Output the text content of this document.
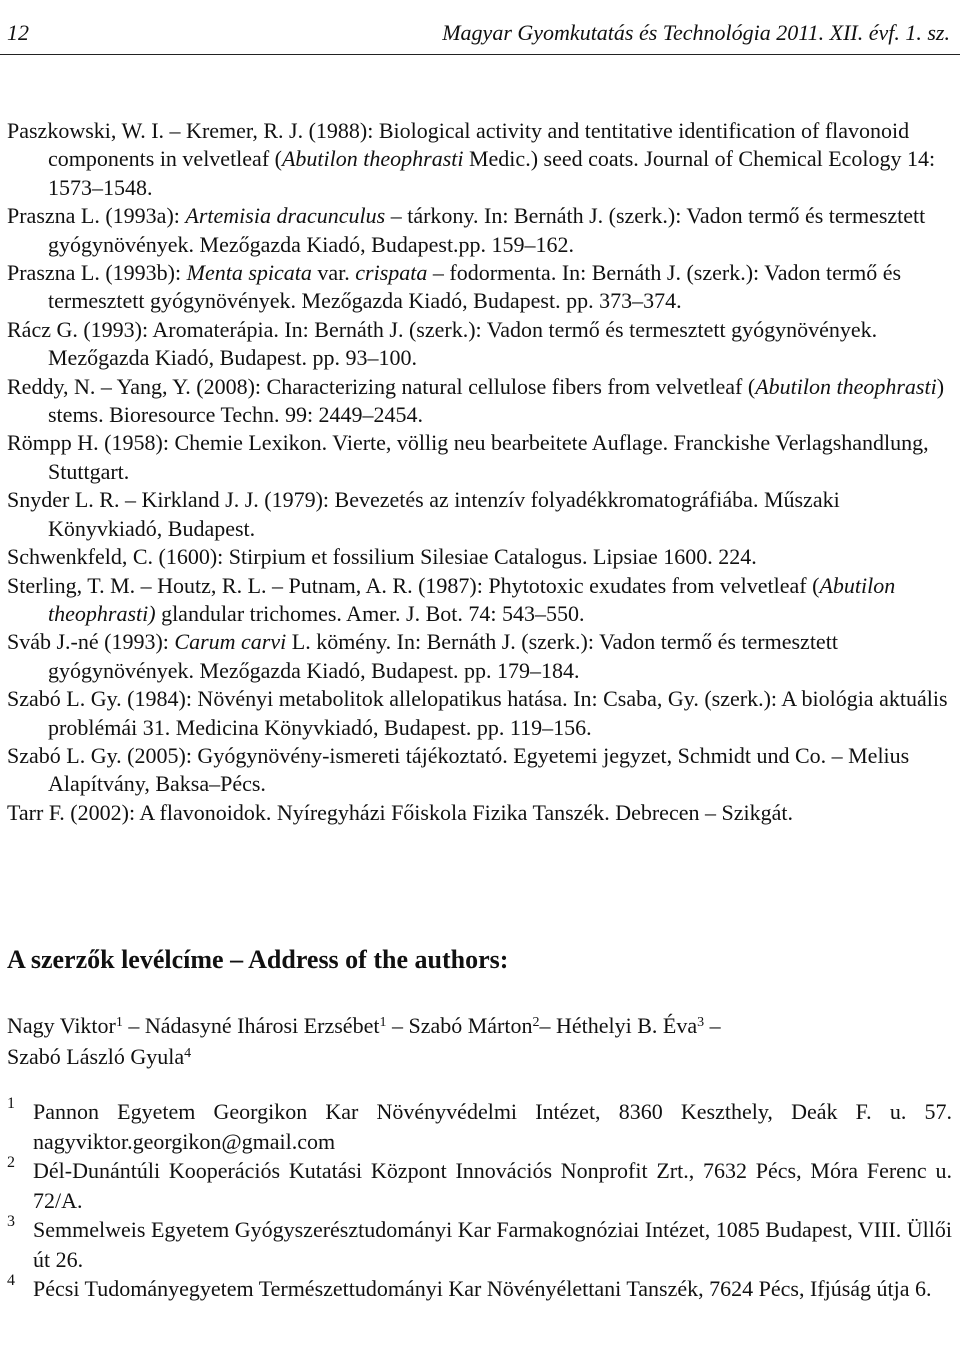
12	Magyar Gyomkutatás és Technológia 2011. XII. évf. 1. sz.
Paszkowski, W. I. – Kremer, R. J. (1988): Biological activity and tentitative identification of flavonoid components in velvetleaf (Abutilon theophrasti Medic.) seed coats. Journal of Chemical Ecology 14: 1573–1548.
Praszna L. (1993a): Artemisia dracunculus – tárkony. In: Bernáth J. (szerk.): Vadon termő és termesztett gyógynövények. Mezőgazda Kiadó, Budapest.pp. 159–162.
Praszna L. (1993b): Menta spicata var. crispata – fodormenta. In: Bernáth J. (szerk.): Vadon termő és termesztett gyógynövények. Mezőgazda Kiadó, Budapest. pp. 373–374.
Rácz G. (1993): Aromaterápia. In: Bernáth J. (szerk.): Vadon termő és termesztett gyógynövények. Mezőgazda Kiadó, Budapest. pp. 93–100.
Reddy, N. – Yang, Y. (2008): Characterizing natural cellulose fibers from velvetleaf (Abutilon theophrasti) stems. Bioresource Techn. 99: 2449–2454.
Römpp H. (1958): Chemie Lexikon. Vierte, völlig neu bearbeitete Auflage. Franckishe Verlagshandlung, Stuttgart.
Snyder L. R. – Kirkland J. J. (1979): Bevezetés az intenzív folyadékkromatográfiába. Műszaki Könyvkiadó, Budapest.
Schwenkfeld, C. (1600): Stirpium et fossilium Silesiae Catalogus. Lipsiae 1600. 224.
Sterling, T. M. – Houtz, R. L. – Putnam, A. R. (1987): Phytotoxic exudates from velvetleaf (Abutilon theophrasti) glandular trichomes. Amer. J. Bot. 74: 543–550.
Sváb J.-né (1993): Carum carvi L. kömény. In: Bernáth J. (szerk.): Vadon termő és termesztett gyógynövények. Mezőgazda Kiadó, Budapest. pp. 179–184.
Szabó L. Gy. (1984): Növényi metabolitok allelopatikus hatása. In: Csaba, Gy. (szerk.): A biológia aktuális problémái 31. Medicina Könyvkiadó, Budapest. pp. 119–156.
Szabó L. Gy. (2005): Gyógynövény-ismereti tájékoztató. Egyetemi jegyzet, Schmidt und Co. – Melius Alapítvány, Baksa–Pécs.
Tarr F. (2002): A flavonoidok. Nyíregyházi Főiskola Fizika Tanszék. Debrecen – Szikgát.
A szerzők levélcíme – Address of the authors:
Nagy Viktor$^1$ – Nádasyné Ihárosi Erzsébet$^1$ – Szabó Márton$^2$– Héthelyi B. Éva$^3$ –
Szabó László Gyula$^4$
1 Pannon Egyetem Georgikon Kar Növényvédelmi Intézet, 8360 Keszthely, Deák F. u. 57. nagyviktor.georgikon@gmail.com
2 Dél-Dunántúli Kooperációs Kutatási Központ Innovációs Nonprofit Zrt., 7632 Pécs, Móra Ferenc u. 72/A.
3 Semmelweis Egyetem Gyógyszerésztudományi Kar Farmakognóziai Intézet, 1085 Budapest, VIII. Üllői út 26.
4 Pécsi Tudományegyetem Természettudományi Kar Növényélettani Tanszék, 7624 Pécs, Ifjúság útja 6.
